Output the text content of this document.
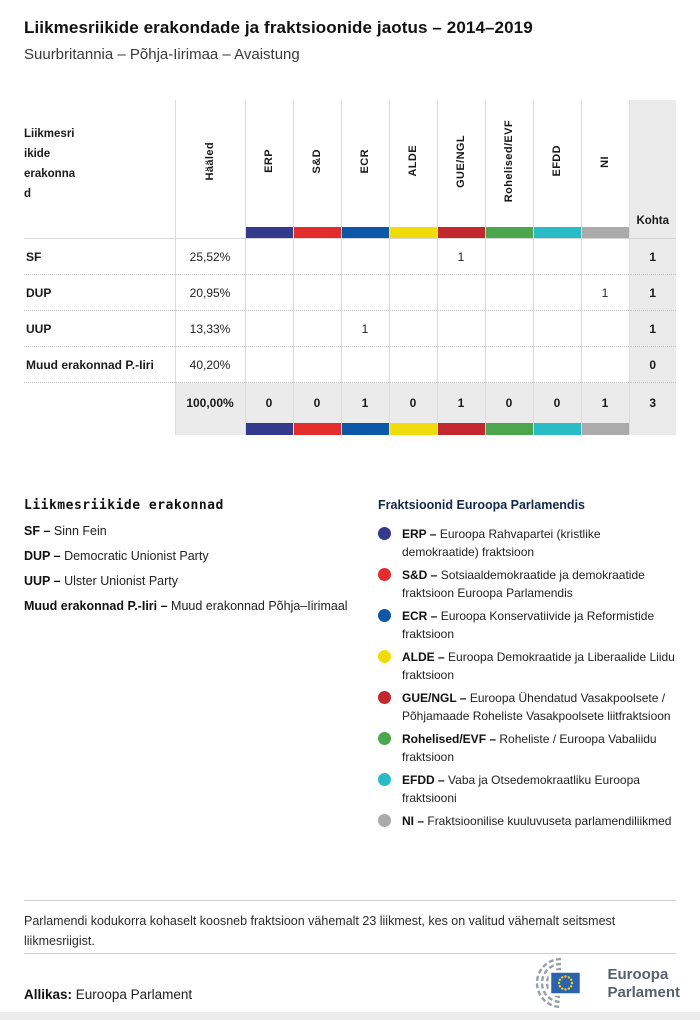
Liikmesriikide erakondade ja fraktsioonide jaotus – 2014–2019
Suurbritannia – Põhja-Iirimaa – Avaistung
Liikmesri
ikide
erakonna
d	Hääled	ERP	S&D	ECR	ALDE	GUE/NGL	Rohelised/EVF	EFDD	NI	Kohta

SF	25,52%					1				1
DUP	20,95%								1	1
UUP	13,33%			1						1
Muud erakonnad P.-Iiri	40,20%									0
	100,00%	0	0	1	0	1	0	0	1	3

Liikmesriikide erakonnad
SF – Sinn Fein
DUP – Democratic Unionist Party
UUP – Ulster Unionist Party
Muud erakonnad P.-Iiri – Muud erakonnad Põhja–Iirimaal
Fraktsioonid Euroopa Parlamendis
ERP – Euroopa Rahvapartei (kristlike demokraatide) fraktsioon
S&D – Sotsiaaldemokraatide ja demokraatide fraktsioon Euroopa Parlamendis
ECR – Euroopa Konservatiivide ja Reformistide fraktsioon
ALDE – Euroopa Demokraatide ja Liberaalide Liidu fraktsioon
GUE/NGL – Euroopa Ühendatud Vasakpoolsete / Põhjamaade Roheliste Vasakpoolsete liitfraktsioon
Rohelised/EVF – Roheliste / Euroopa Vabaliidu fraktsioon
EFDD – Vaba ja Otsedemokraatliku Euroopa fraktsiooni
NI – Fraktsioonilise kuuluvuseta parlamendiliikmed
Parlamendi kodukorra kohaselt koosneb fraktsioon vähemalt 23 liikmest, kes on valitud vähemalt seitsmest liikmesriigist.
Allikas: Euroopa Parlament
Euroopa
Parlament
